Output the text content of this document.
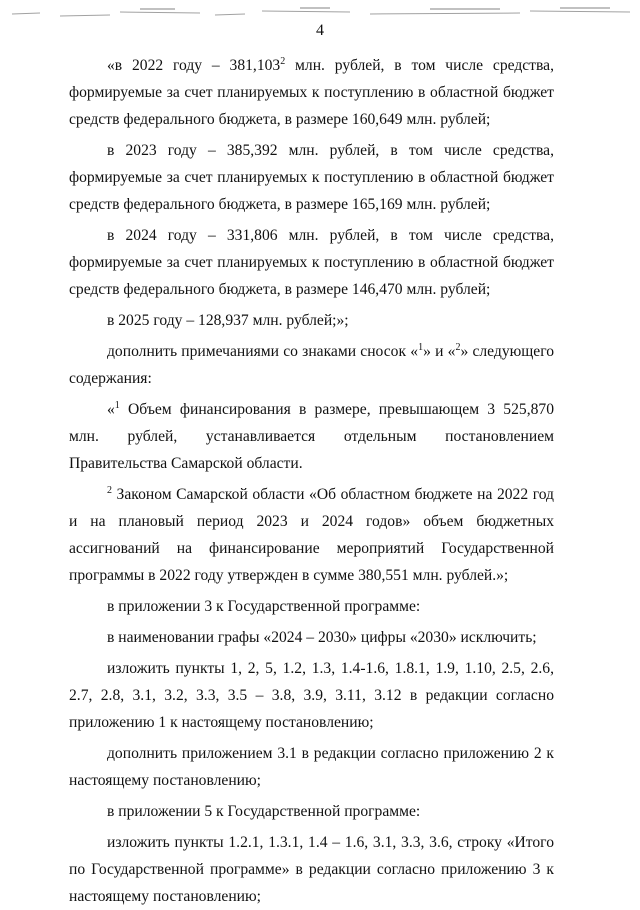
4

«в 2022 году – 381,103$^2$ млн. рублей, в том числе средства, формируемые за счет планируемых к поступлению в областной бюджет средств федерального бюджета, в размере 160,649 млн. рублей;

в 2023 году – 385,392 млн. рублей, в том числе средства, формируемые за счет планируемых к поступлению в областной бюджет средств федерального бюджета, в размере 165,169 млн. рублей;

в 2024 году – 331,806 млн. рублей, в том числе средства, формируемые за счет планируемых к поступлению в областной бюджет средств федерального бюджета, в размере 146,470 млн. рублей;

в 2025 году – 128,937 млн. рублей;»;

дополнить примечаниями со знаками сносок «$^1$» и «$^2$» следующего содержания:

«$^1$ Объем финансирования в размере, превышающем 3 525,870 млн. рублей, устанавливается отдельным постановлением Правительства Самарской области.

$^2$ Законом Самарской области «Об областном бюджете на 2022 год и на плановый период 2023 и 2024 годов» объем бюджетных ассигнований на финансирование мероприятий Государственной программы в 2022 году утвержден в сумме 380,551 млн. рублей.»;

в приложении 3 к Государственной программе:

в наименовании графы «2024 – 2030» цифры «2030» исключить;

изложить пункты 1, 2, 5, 1.2, 1.3, 1.4-1.6, 1.8.1, 1.9, 1.10, 2.5, 2.6, 2.7, 2.8, 3.1, 3.2, 3.3, 3.5 – 3.8, 3.9, 3.11, 3.12 в редакции согласно приложению 1 к настоящему постановлению;

дополнить приложением 3.1 в редакции согласно приложению 2 к настоящему постановлению;

в приложении 5 к Государственной программе:

изложить пункты 1.2.1, 1.3.1, 1.4 – 1.6, 3.1, 3.3, 3.6, строку «Итого по Государственной программе» в редакции согласно приложению 3 к настоящему постановлению;
